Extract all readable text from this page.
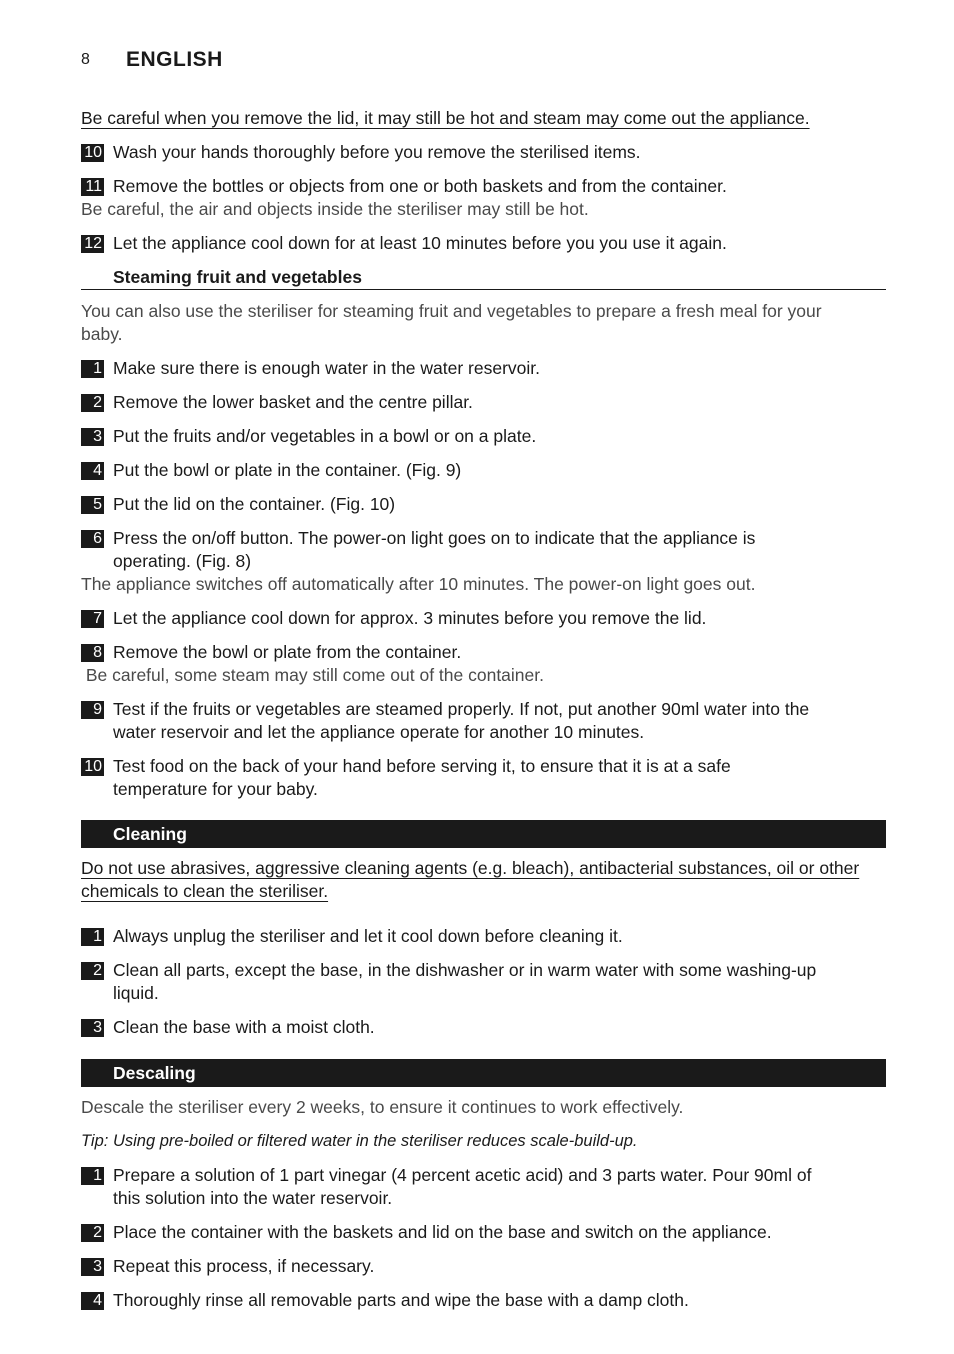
8 ENGLISH
Be careful when you remove the lid, it may still be hot and steam may come out the appliance.
10 Wash your hands thoroughly before you remove the sterilised items.
11 Remove the bottles or objects from one or both baskets and from the container.
Be careful, the air and objects inside the steriliser may still be hot.
12 Let the appliance cool down for at least 10 minutes before you you use it again.
Steaming fruit and vegetables
You can also use the steriliser for steaming fruit and vegetables to prepare a fresh meal for your
baby.
1 Make sure there is enough water in the water reservoir.
2 Remove the lower basket and the centre pillar.
3 Put the fruits and/or vegetables in a bowl or on a plate.
4 Put the bowl or plate in the container. (Fig. 9)
5 Put the lid on the container. (Fig. 10)
6 Press the on/off button. The power-on light goes on to indicate that the appliance is
operating. (Fig. 8)
The appliance switches off automatically after 10 minutes. The power-on light goes out.
7 Let the appliance cool down for approx. 3 minutes before you remove the lid.
8 Remove the bowl or plate from the container.
Be careful, some steam may still come out of the container.
9 Test if the fruits or vegetables are steamed properly. If not, put another 90ml water into the
water reservoir and let the appliance operate for another 10 minutes.
10 Test food on the back of your hand before serving it, to ensure that it is at a safe
temperature for your baby.
Cleaning
Do not use abrasives, aggressive cleaning agents (e.g. bleach), antibacterial substances, oil or other
chemicals to clean the steriliser.
1 Always unplug the steriliser and let it cool down before cleaning it.
2 Clean all parts, except the base, in the dishwasher or in warm water with some washing-up
liquid.
3 Clean the base with a moist cloth.
Descaling
Descale the steriliser every 2 weeks, to ensure it continues to work effectively.
Tip: Using pre-boiled or filtered water in the steriliser reduces scale-build-up.
1 Prepare a solution of 1 part vinegar (4 percent acetic acid) and 3 parts water. Pour 90ml of
this solution into the water reservoir.
2 Place the container with the baskets and lid on the base and switch on the appliance.
3 Repeat this process, if necessary.
4 Thoroughly rinse all removable parts and wipe the base with a damp cloth.
